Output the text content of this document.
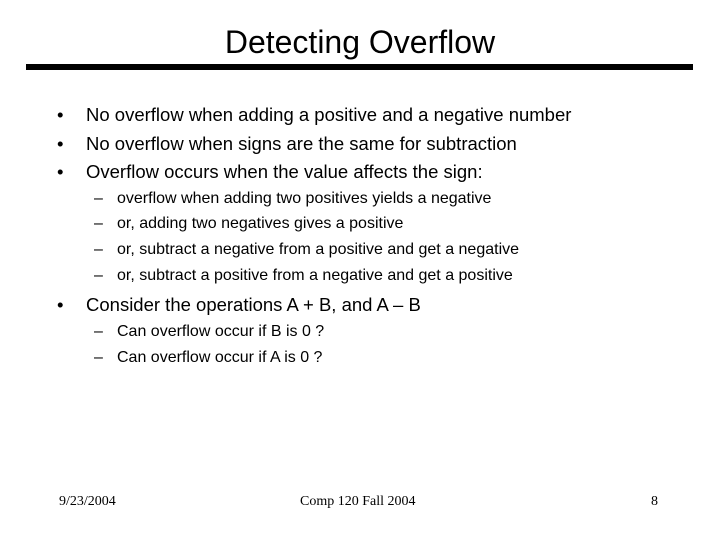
Detecting Overflow
• No overflow when adding a positive and a negative number
• No overflow when signs are the same for subtraction
• Overflow occurs when the value affects the sign:
– overflow when adding two positives yields a negative
– or, adding two negatives gives a positive
– or, subtract a negative from a positive and get a negative
– or, subtract a positive from a negative and get a positive
• Consider the operations A + B, and A – B
– Can overflow occur if B is 0 ?
– Can overflow occur if A is 0 ?
9/23/2004	Comp 120 Fall 2004	8
